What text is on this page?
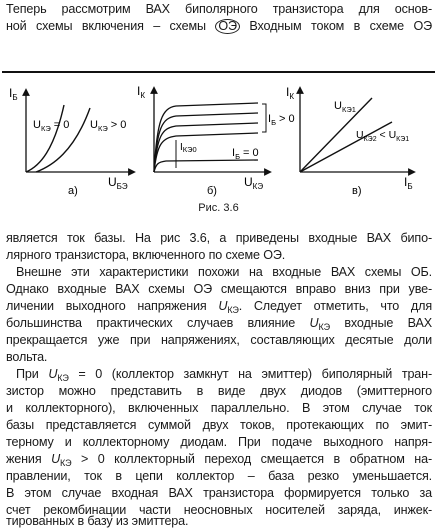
Теперь рассмотрим ВАХ биполярного транзистора для основ-
ной схемы включения – схемы ОЭ Входным током в схеме ОЭ
$I_Б$
$U_{БЭ}$
$U_{КЭ} = 0$ $U_{КЭ} > 0$
а)
$I_К$
$U_{КЭ}$
$I_Б > 0$
$I_Б = 0$
$I_{КЭ0}$
б)
$I_К$
$I_Б$
$U_{КЭ1}$
$U_{КЭ2} < U_{КЭ1}$
в)
Рис. 3.6
является ток базы. На рис 3.6, а приведены входные ВАХ бипо-
лярного транзистора, включенного по схеме ОЭ.
Внешне эти характеристики похожи на входные ВАХ схемы ОБ.
Однако входные ВАХ схемы ОЭ смещаются вправо вниз при уве-
личении выходного напряжения $U_{КЭ}$. Следует отметить, что для
большинства практических случаев влияние $U_{КЭ}$ входные ВАХ
прекращается уже при напряжениях, составляющих десятые доли
вольта.
При $U_{КЭ} = 0$ (коллектор замкнут на эмиттер) биполярный тран-
зистор можно представить в виде двух диодов (эмиттерного
и коллекторного), включенных параллельно. В этом случае ток
базы представляется суммой двух токов, протекающих по эмит-
терному и коллекторному диодам. При подаче выходного напря-
жения $U_{КЭ} > 0$ коллекторный переход смещается в обратном на-
правлении, ток в цепи коллектор – база резко уменьшается.
В этом случае входная ВАХ транзистора формируется только за
счет рекомбинации части неосновных носителей заряда, инжек-
тированных в базу из эмиттера.
